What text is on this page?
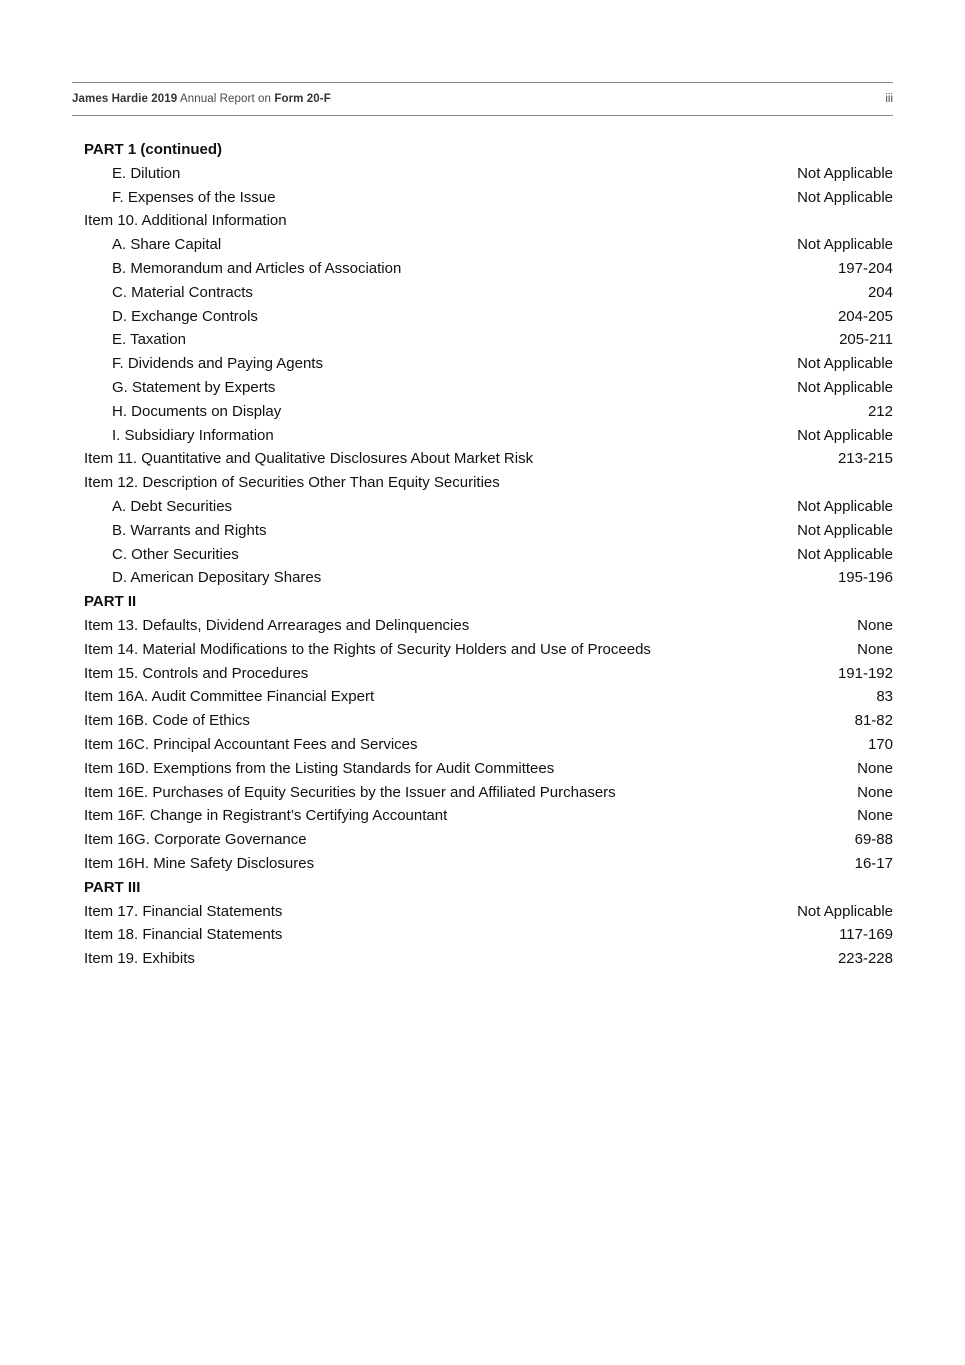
James Hardie 2019 Annual Report on Form 20-F	iii
PART 1 (continued)
E. Dilution	Not Applicable
F. Expenses of the Issue	Not Applicable
Item 10. Additional Information
A. Share Capital	Not Applicable
B. Memorandum and Articles of Association	197-204
C. Material Contracts	204
D. Exchange Controls	204-205
E. Taxation	205-211
F. Dividends and Paying Agents	Not Applicable
G. Statement by Experts	Not Applicable
H. Documents on Display	212
I. Subsidiary Information	Not Applicable
Item 11. Quantitative and Qualitative Disclosures About Market Risk	213-215
Item 12. Description of Securities Other Than Equity Securities
A. Debt Securities	Not Applicable
B. Warrants and Rights	Not Applicable
C. Other Securities	Not Applicable
D. American Depositary Shares	195-196
PART II
Item 13. Defaults, Dividend Arrearages and Delinquencies	None
Item 14. Material Modifications to the Rights of Security Holders and Use of Proceeds	None
Item 15. Controls and Procedures	191-192
Item 16A. Audit Committee Financial Expert	83
Item 16B. Code of Ethics	81-82
Item 16C. Principal Accountant Fees and Services	170
Item 16D. Exemptions from the Listing Standards for Audit Committees	None
Item 16E. Purchases of Equity Securities by the Issuer and Affiliated Purchasers	None
Item 16F. Change in Registrant’s Certifying Accountant	None
Item 16G. Corporate Governance	69-88
Item 16H. Mine Safety Disclosures	16-17
PART III
Item 17. Financial Statements	Not Applicable
Item 18. Financial Statements	117-169
Item 19. Exhibits	223-228
